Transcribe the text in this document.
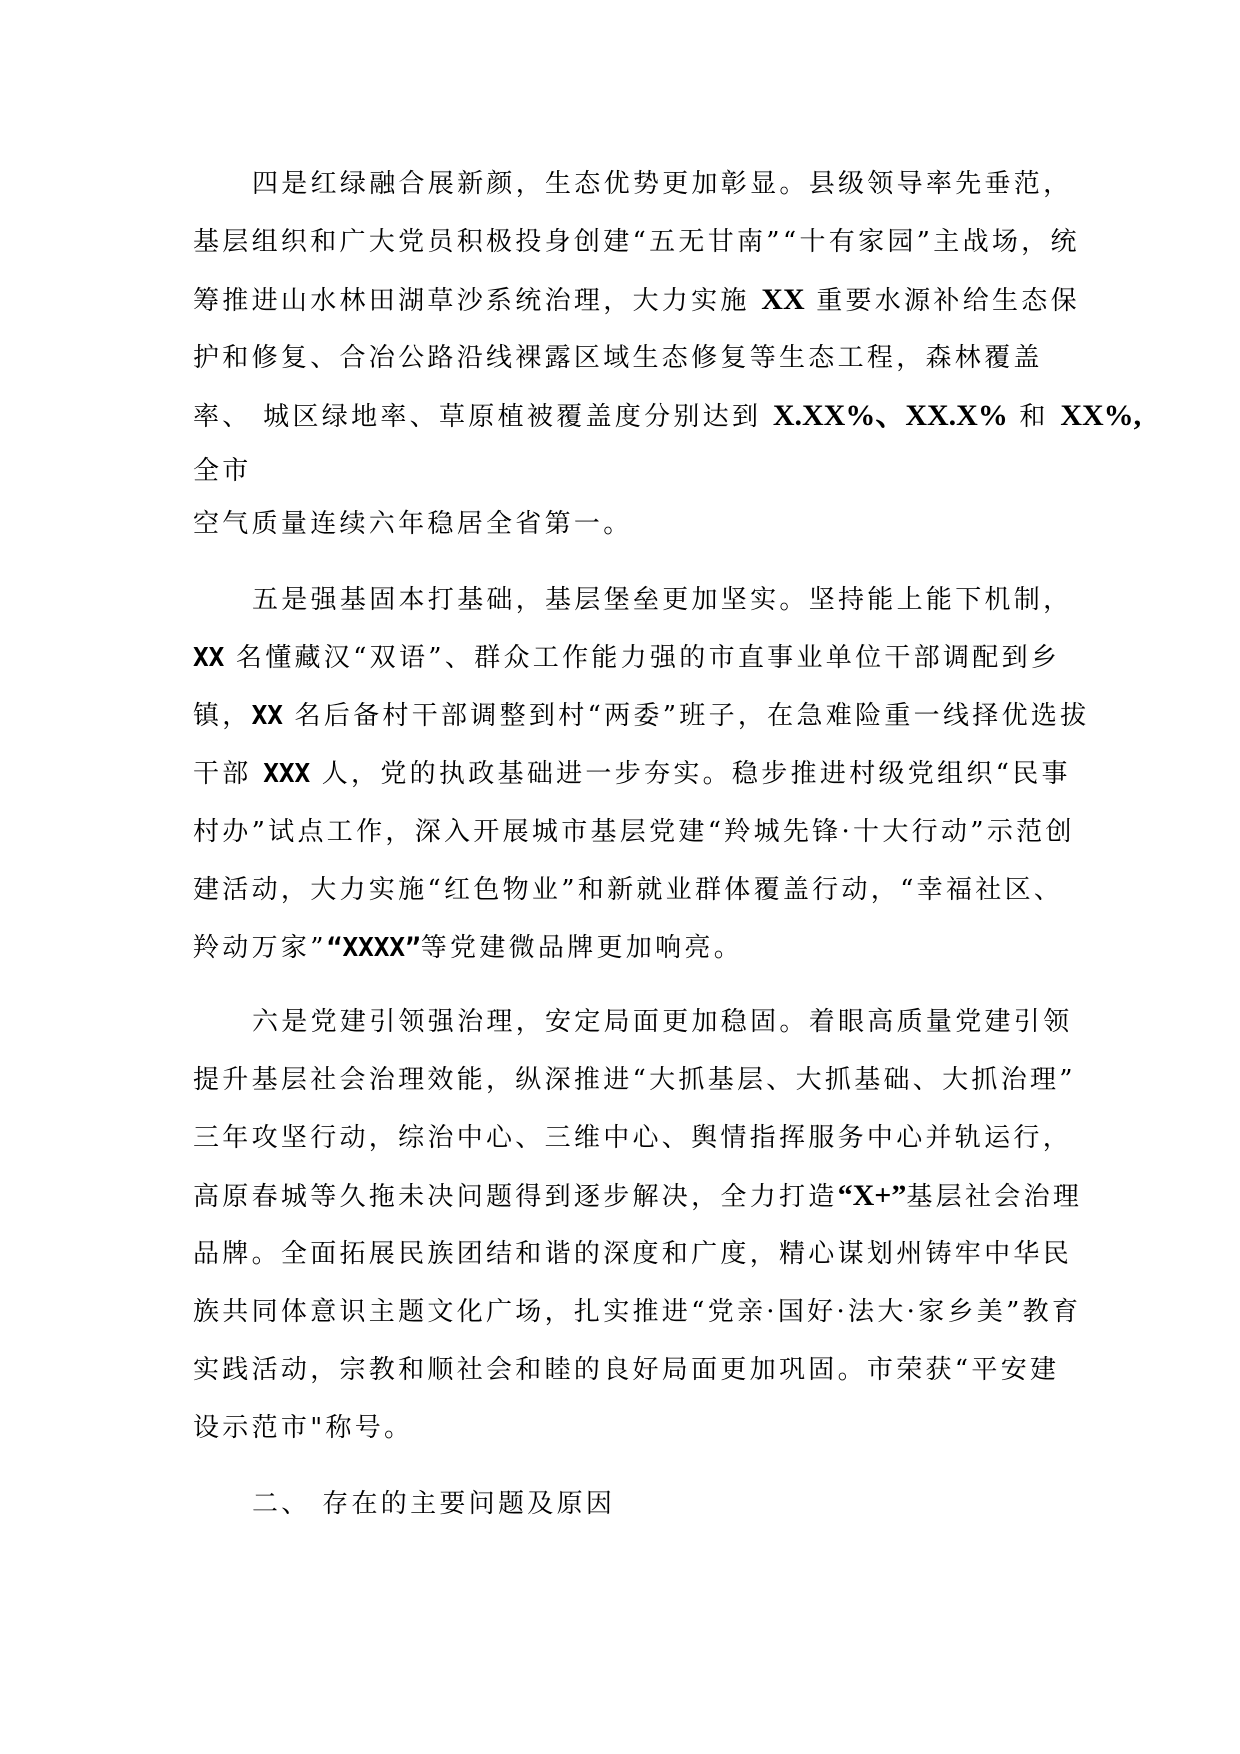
四是红绿融合展新颜，生态优势更加彰显。县级领导率先垂范，
基层组织和广大党员积极投身创建“五无甘南”“十有家园”主战场，统
筹推进山水林田湖草沙系统治理，大力实施 XX 重要水源补给生态保
护和修复、合冶公路沿线裸露区域生态修复等生态工程，森林覆盖
率、 城区绿地率、草原植被覆盖度分别达到 X.XX%、XX.X% 和 XX%,
全市
空气质量连续六年稳居全省第一。
五是强基固本打基础，基层堡垒更加坚实。坚持能上能下机制，
XX 名懂藏汉“双语”、群众工作能力强的市直事业单位干部调配到乡
镇，XX 名后备村干部调整到村“两委”班子，在急难险重一线择优选拔
干部 XXX 人，党的执政基础进一步夯实。稳步推进村级党组织“民事
村办”试点工作，深入开展城市基层党建“羚城先锋·十大行动”示范创
建活动，大力实施“红色物业”和新就业群体覆盖行动，“幸福社区、
羚动万家”“XXXX”等党建微品牌更加响亮。
六是党建引领强治理，安定局面更加稳固。着眼高质量党建引领
提升基层社会治理效能，纵深推进“大抓基层、大抓基础、大抓治理”
三年攻坚行动，综治中心、三维中心、舆情指挥服务中心并轨运行，
高原春城等久拖未决问题得到逐步解决，全力打造“X+”基层社会治理
品牌。全面拓展民族团结和谐的深度和广度，精心谋划州铸牢中华民
族共同体意识主题文化广场，扎实推进“党亲·国好·法大·家乡美”教育
实践活动，宗教和顺社会和睦的良好局面更加巩固。市荣获“平安建
设示范市"称号。
二、 存在的主要问题及原因
